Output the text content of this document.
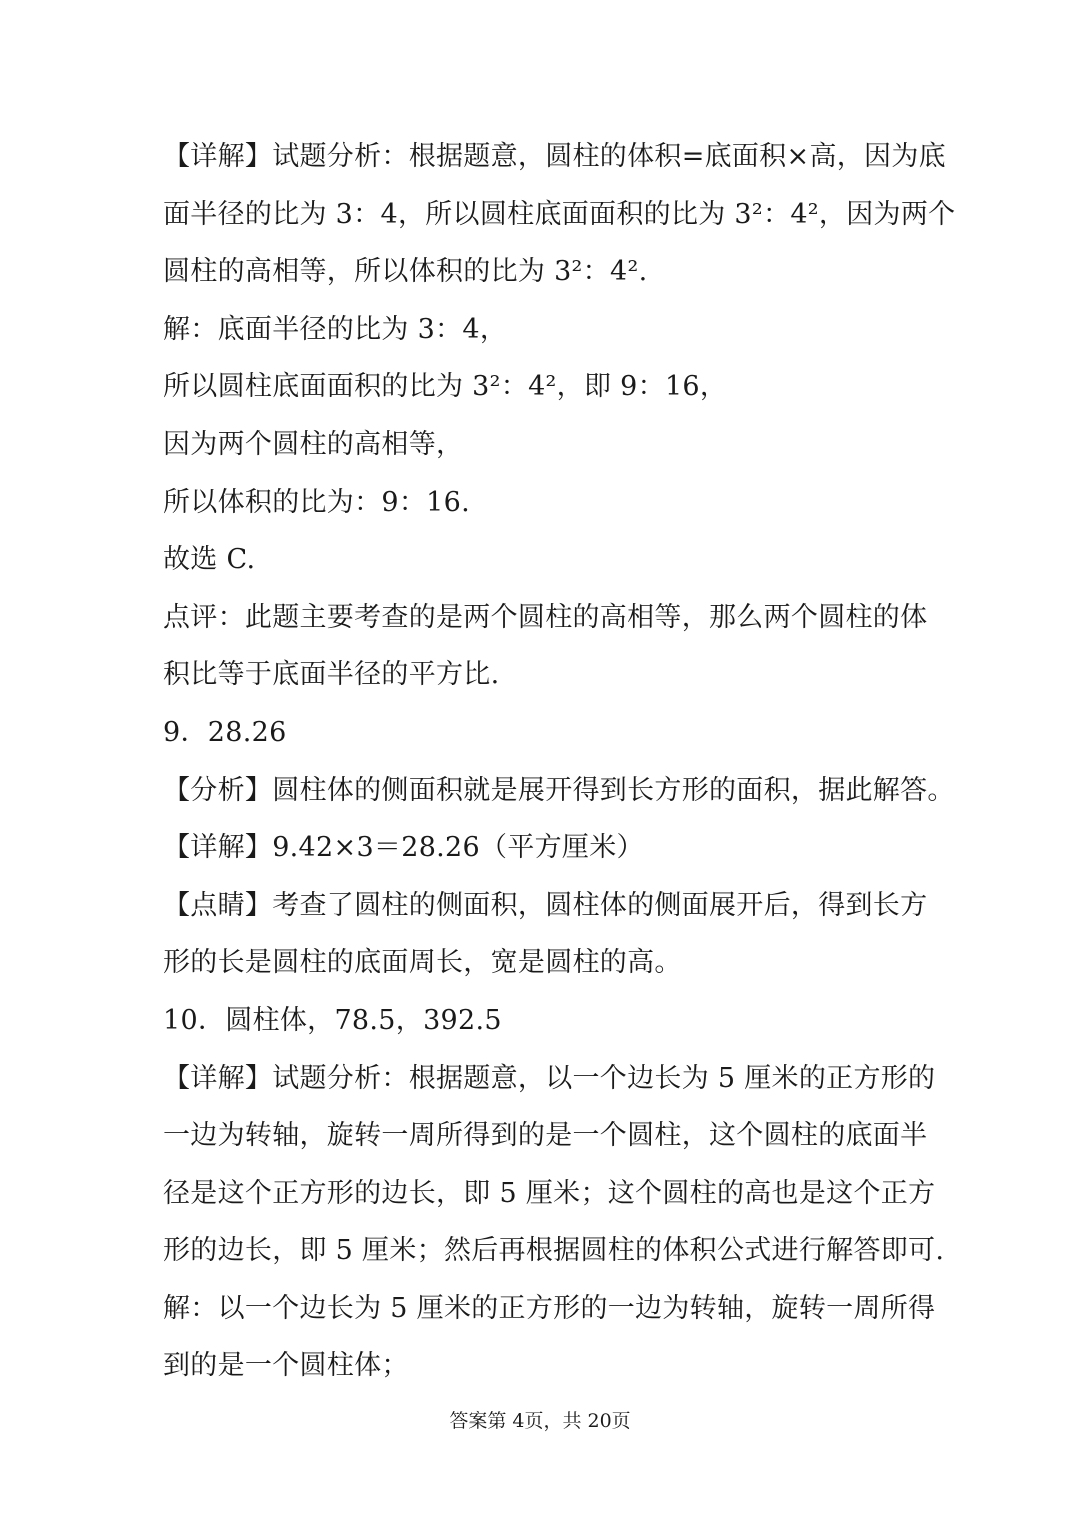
【详解】试题分析：根据题意，圆柱的体积=底面积×高，因为底
面半径的比为 3：4，所以圆柱底面面积的比为 3²：4²，因为两个
圆柱的高相等，所以体积的比为 3²：4².
解：底面半径的比为 3：4，
所以圆柱底面面积的比为 3²：4²，即 9：16，
因为两个圆柱的高相等，
所以体积的比为：9：16.
故选 C.
点评：此题主要考查的是两个圆柱的高相等，那么两个圆柱的体
积比等于底面半径的平方比.
9．28.26
【分析】圆柱体的侧面积就是展开得到长方形的面积，据此解答。
【详解】9.42×3＝28.26（平方厘米）
【点睛】考查了圆柱的侧面积，圆柱体的侧面展开后，得到长方
形的长是圆柱的底面周长，宽是圆柱的高。
10．圆柱体，78.5，392.5
【详解】试题分析：根据题意，以一个边长为 5 厘米的正方形的
一边为转轴，旋转一周所得到的是一个圆柱，这个圆柱的底面半
径是这个正方形的边长，即 5 厘米；这个圆柱的高也是这个正方
形的边长，即 5 厘米；然后再根据圆柱的体积公式进行解答即可.
解：以一个边长为 5 厘米的正方形的一边为转轴，旋转一周所得
到的是一个圆柱体；
答案第 4页，共 20页
